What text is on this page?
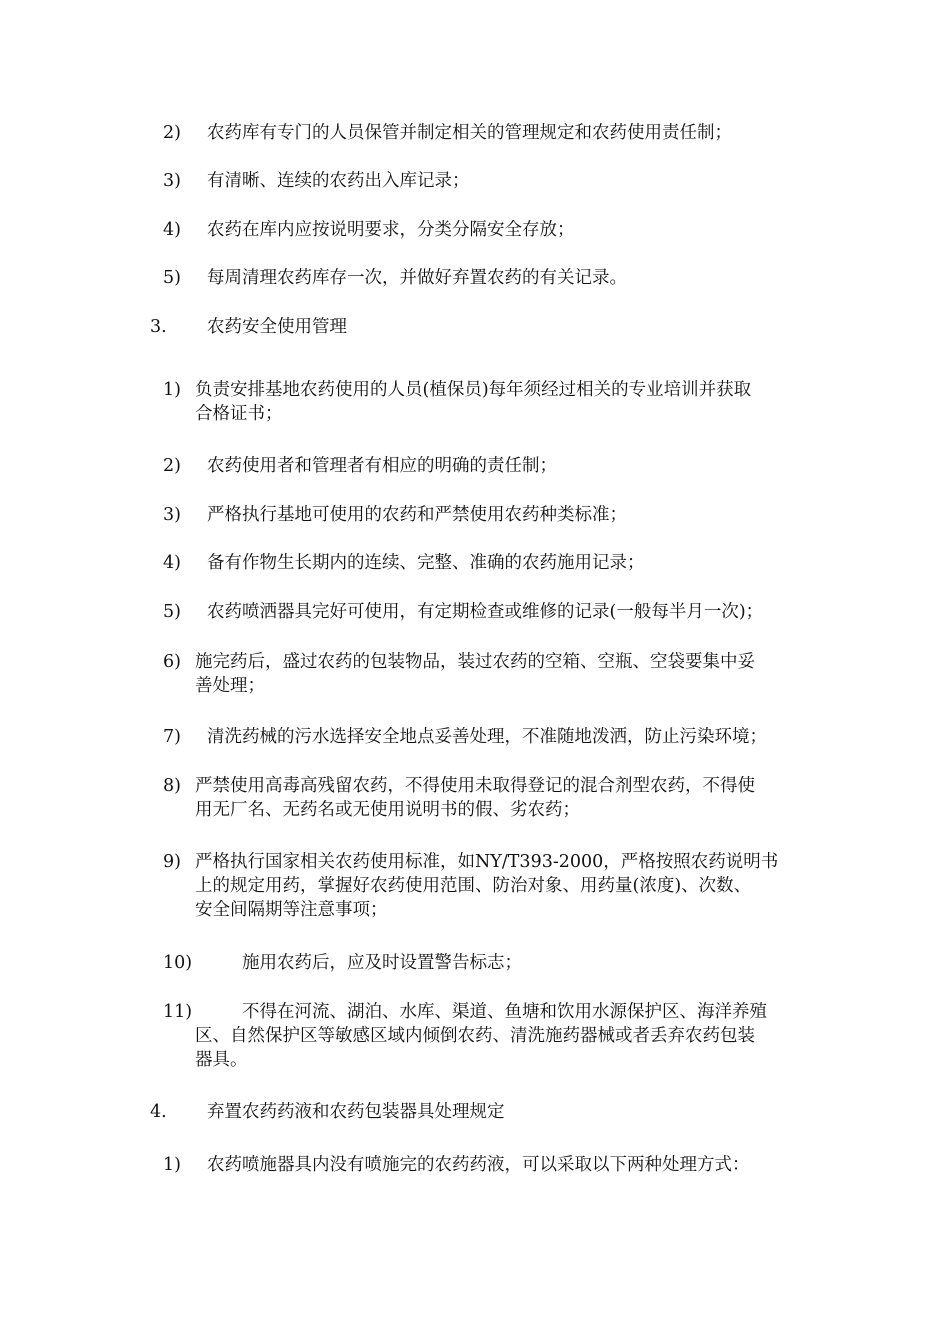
2) 农药库有专门的人员保管并制定相关的管理规定和农药使用责任制；
3) 有清晰、连续的农药出入库记录；
4) 农药在库内应按说明要求，分类分隔安全存放；
5) 每周清理农药库存一次，并做好弃置农药的有关记录。
3. 农药安全使用管理
1) 负责安排基地农药使用的人员(植保员)每年须经过相关的专业培训并获取
合格证书；
2) 农药使用者和管理者有相应的明确的责任制；
3) 严格执行基地可使用的农药和严禁使用农药种类标准；
4) 备有作物生长期内的连续、完整、准确的农药施用记录；
5) 农药喷洒器具完好可使用，有定期检查或维修的记录(一般每半月一次)；
6) 施完药后，盛过农药的包装物品，装过农药的空箱、空瓶、空袋要集中妥
善处理；
7) 清洗药械的污水选择安全地点妥善处理，不准随地泼洒，防止污染环境；
8) 严禁使用高毒高残留农药，不得使用未取得登记的混合剂型农药，不得使
用无厂名、无药名或无使用说明书的假、劣农药；
9) 严格执行国家相关农药使用标准，如NY/T393-2000，严格按照农药说明书
上的规定用药，掌握好农药使用范围、防治对象、用药量(浓度)、次数、
安全间隔期等注意事项；
10)	施用农药后，应及时设置警告标志；
11)	不得在河流、湖泊、水库、渠道、鱼塘和饮用水源保护区、海洋养殖
区、自然保护区等敏感区域内倾倒农药、清洗施药器械或者丢弃农药包装
器具。
4. 弃置农药药液和农药包装器具处理规定
1) 农药喷施器具内没有喷施完的农药药液，可以采取以下两种处理方式：
